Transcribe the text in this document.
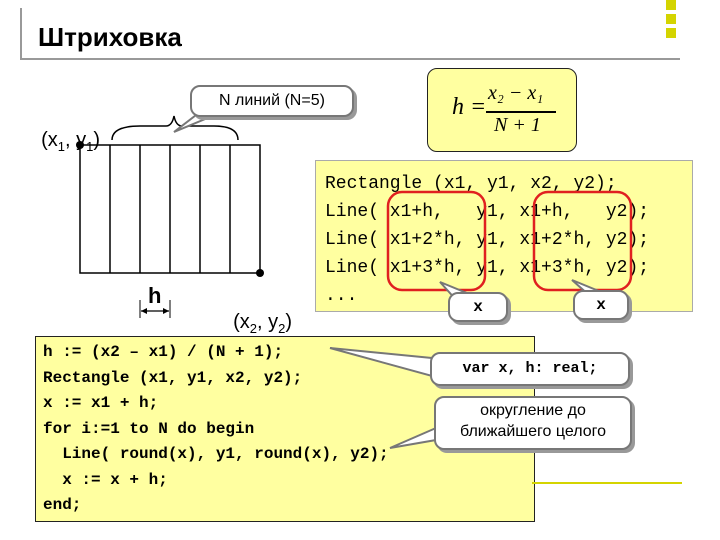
Штриховка
h =
x₂ − x₁
N + 1
Rectangle (x1, y1, x2, y2);
Line( x1+h,   y1, x1+h,   y2);
Line( x1+2*h, y1, x1+2*h, y2);
Line( x1+3*h, y1, x1+3*h, y2);
...
h := (x2 – x1) / (N + 1);
Rectangle (x1, y1, x2, y2);
x := x1 + h;
for i:=1 to N do begin
Line( round(x), y1, round(x), y2);
x := x + h;
end;

($x_1$, $y_1$)

($x_2$, $y_2$)

h
N линий (N=5)
x	x
var x, h: real;
округление до
ближайшего целого
